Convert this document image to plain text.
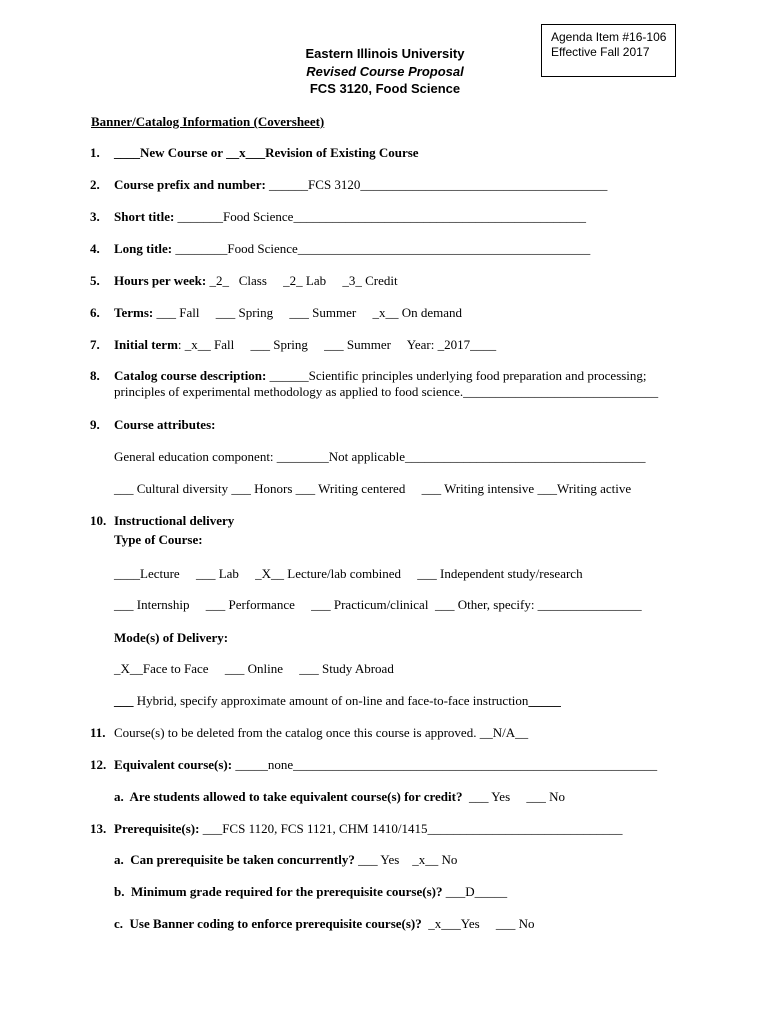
Agenda Item #16-106
Effective Fall 2017
Eastern Illinois University
Revised Course Proposal
FCS 3120, Food Science
Banner/Catalog Information (Coversheet)
1. ____New Course or __x___Revision of Existing Course
2. Course prefix and number: ______FCS 3120______________________________________
3. Short title: _______Food Science_____________________________________________
4. Long title: ________Food Science_____________________________________________
5. Hours per week: _2_ Class _2_ Lab _3_ Credit
6. Terms: ___ Fall ___ Spring ___ Summer _x__ On demand
7. Initial term: _x__ Fall ___ Spring ___ Summer Year: _2017____
8. Catalog course description: ______Scientific principles underlying food preparation and processing;
principles of experimental methodology as applied to food science.______________________________
9. Course attributes:
General education component: ________Not applicable_____________________________________
___ Cultural diversity ___ Honors ___ Writing centered     ___ Writing intensive ___Writing active
10. Instructional delivery
Type of Course:
____Lecture     ___ Lab     _X__ Lecture/lab combined     ___ Independent study/research
___ Internship     ___ Performance     ___ Practicum/clinical  ___ Other, specify: ________________
Mode(s) of Delivery:
_X__Face to Face     ___ Online     ___ Study Abroad
___ Hybrid, specify approximate amount of on-line and face-to-face instruction_____
11. Course(s) to be deleted from the catalog once this course is approved. __N/A__
12. Equivalent course(s): _____none________________________________________________________
a.  Are students allowed to take equivalent course(s) for credit? ___ Yes     ___ No
13. Prerequisite(s): ___FCS 1120, FCS 1121, CHM 1410/1415______________________________
a.  Can prerequisite be taken concurrently? ___ Yes    _x__ No
b.  Minimum grade required for the prerequisite course(s)? ___D_____
c.  Use Banner coding to enforce prerequisite course(s)? _x___Yes     ___ No
